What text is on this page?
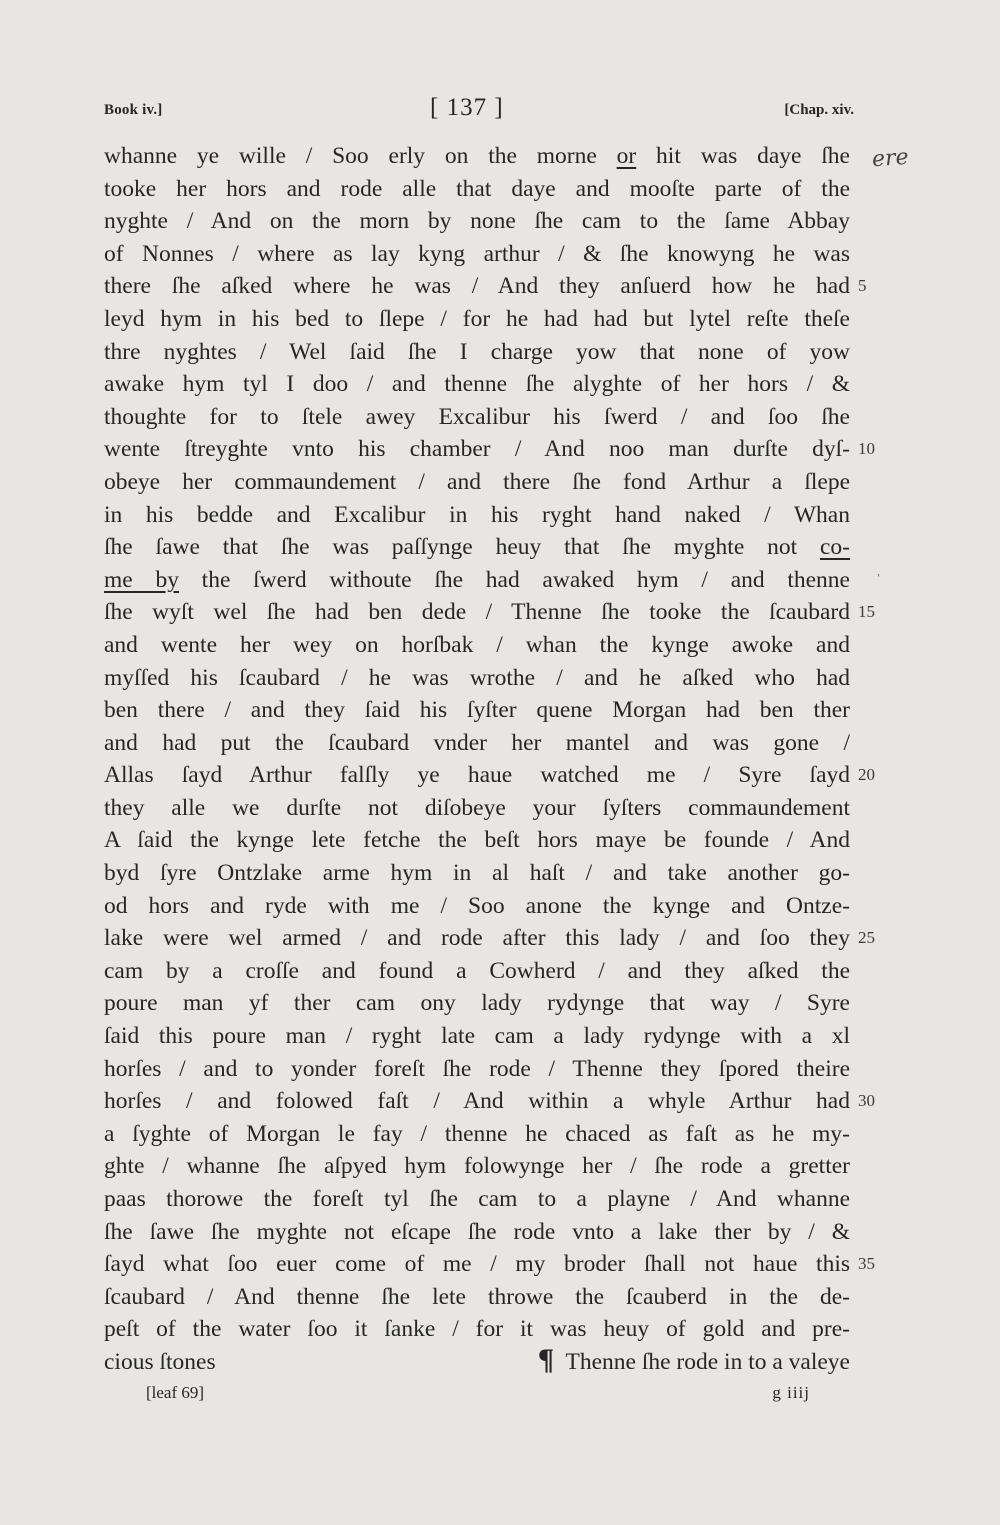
Book iv.]	[ 137 ]	[Chap. xiv.
ere
ˌ
whanne ye wille / Soo erly on the morne or hit was daye ſhe
tooke her hors and rode alle that daye and mooſte parte of the
nyghte / And on the morn by none ſhe cam to the ſame Abbay
of Nonnes / where as lay kyng arthur / & ſhe knowyng he was
there ſhe aſked where he was / And they anſuerd how he had 5
leyd hym in his bed to ſlepe / for he had had but lytel reſte theſe
thre nyghtes / Wel ſaid ſhe I charge yow that none of yow
awake hym tyl I doo / and thenne ſhe alyghte of her hors / &
thoughte for to ſtele awey Excalibur his ſwerd / and ſoo ſhe
wente ſtreyghte vnto his chamber / And noo man durſte dyſ- 10
obeye her commaundement / and there ſhe fond Arthur a ſlepe
in his bedde and Excalibur in his ryght hand naked / Whan
ſhe ſawe that ſhe was paſſynge heuy that ſhe myghte not co-
me by the ſwerd withoute ſhe had awaked hym / and thenne
ſhe wyſt wel ſhe had ben dede / Thenne ſhe tooke the ſcaubard 15
and wente her wey on horſbak / whan the kynge awoke and
myſſed his ſcaubard / he was wrothe / and he aſked who had
ben there / and they ſaid his ſyſter quene Morgan had ben ther
and had put the ſcaubard vnder her mantel and was gone /
Allas ſayd Arthur falſly ye haue watched me / Syre ſayd 20
they alle we durſte not diſobeye your ſyſters commaundement
A ſaid the kynge lete fetche the beſt hors maye be founde / And
byd ſyre Ontzlake arme hym in al haſt / and take another go-
od hors and ryde with me / Soo anone the kynge and Ontze-
lake were wel armed / and rode after this lady / and ſoo they 25
cam by a croſſe and found a Cowherd / and they aſked the
poure man yf ther cam ony lady rydynge that way / Syre
ſaid this poure man / ryght late cam a lady rydynge with a xl
horſes / and to yonder foreſt ſhe rode / Thenne they ſpored theire
horſes / and folowed faſt / And within a whyle Arthur had 30
a ſyghte of Morgan le fay / thenne he chaced as faſt as he my-
ghte / whanne ſhe aſpyed hym folowynge her / ſhe rode a gretter
paas thorowe the foreſt tyl ſhe cam to a playne / And whanne
ſhe ſawe ſhe myghte not eſcape ſhe rode vnto a lake ther by / &
ſayd what ſoo euer come of me / my broder ſhall not haue this 35
ſcaubard / And thenne ſhe lete throwe the ſcauberd in the de-
peſt of the water ſoo it ſanke / for it was heuy of gold and pre-
cious ſtones	¶ Thenne ſhe rode in to a valeye
[leaf 69]	g iiij
